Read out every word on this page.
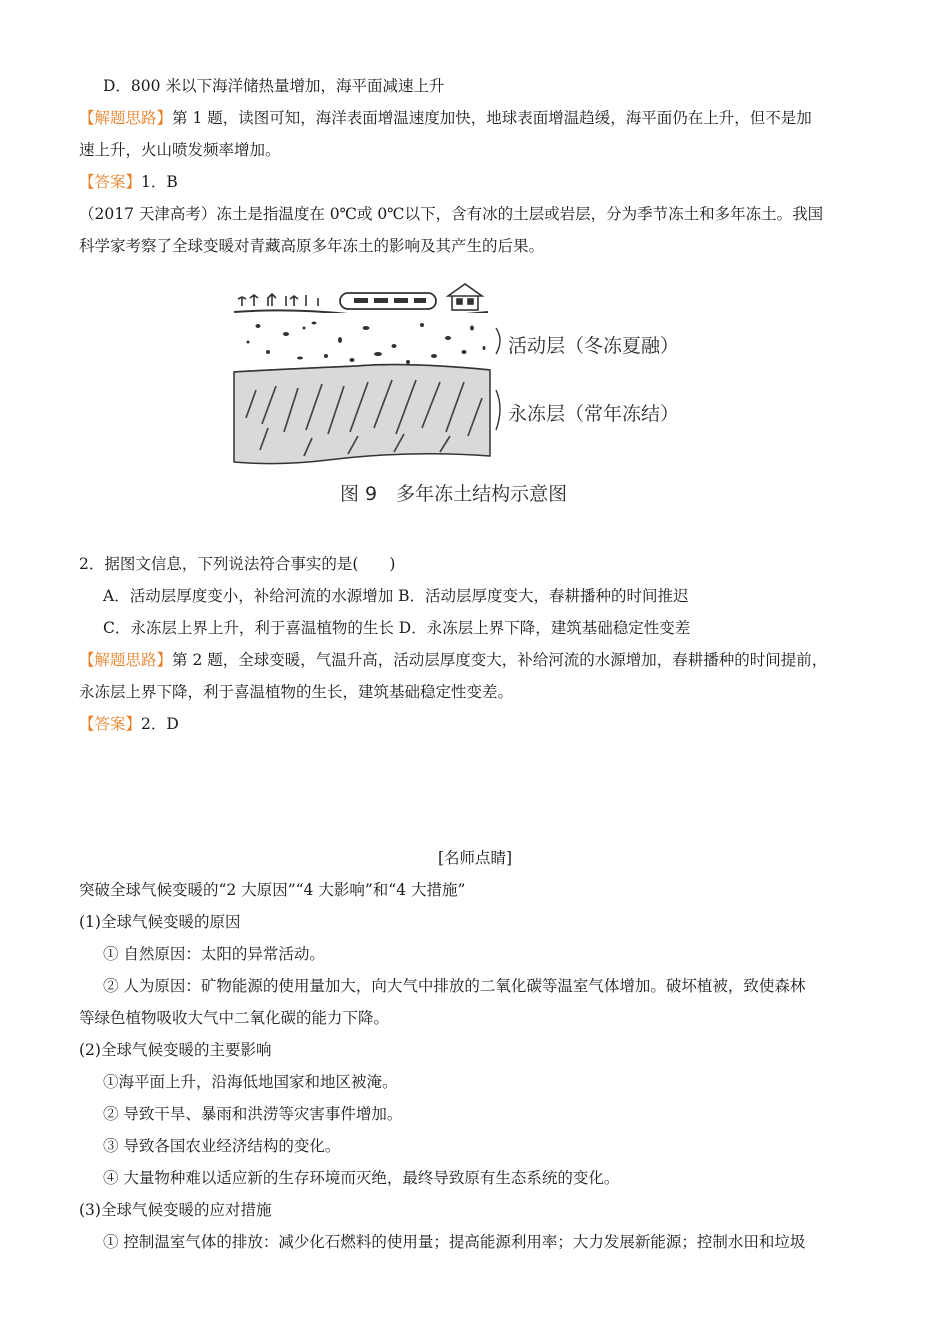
D．800 米以下海洋储热量增加，海平面减速上升
【解题思路】第 1 题，读图可知，海洋表面增温速度加快，地球表面增温趋缓，海平面仍在上升，但不是加
速上升，火山喷发频率增加。
【答案】1．B
（2017 天津高考）冻土是指温度在 0℃或 0℃以下，含有冰的土层或岩层，分为季节冻土和多年冻土。我国
科学家考察了全球变暖对青藏高原多年冻土的影响及其产生的后果。
活动层（冬冻夏融）
永冻层（常年冻结）
图 9　多年冻土结构示意图
2．据图文信息，下列说法符合事实的是(　　)
A．活动层厚度变小，补给河流的水源增加 B．活动层厚度变大，春耕播种的时间推迟
C．永冻层上界上升，利于喜温植物的生长 D．永冻层上界下降，建筑基础稳定性变差
【解题思路】第 2 题，全球变暖，气温升高，活动层厚度变大，补给河流的水源增加，春耕播种的时间提前，
永冻层上界下降，利于喜温植物的生长，建筑基础稳定性变差。
【答案】2．D
[名师点睛]
突破全球气候变暖的“2 大原因”“4 大影响”和“4 大措施”
(1)全球气候变暖的原因
① 自然原因：太阳的异常活动。
② 人为原因：矿物能源的使用量加大，向大气中排放的二氧化碳等温室气体增加。破坏植被，致使森林
等绿色植物吸收大气中二氧化碳的能力下降。
(2)全球气候变暖的主要影响
①海平面上升，沿海低地国家和地区被淹。
② 导致干旱、暴雨和洪涝等灾害事件增加。
③ 导致各国农业经济结构的变化。
④ 大量物种难以适应新的生存环境而灭绝，最终导致原有生态系统的变化。
(3)全球气候变暖的应对措施
① 控制温室气体的排放：减少化石燃料的使用量；提高能源利用率；大力发展新能源；控制水田和垃圾
